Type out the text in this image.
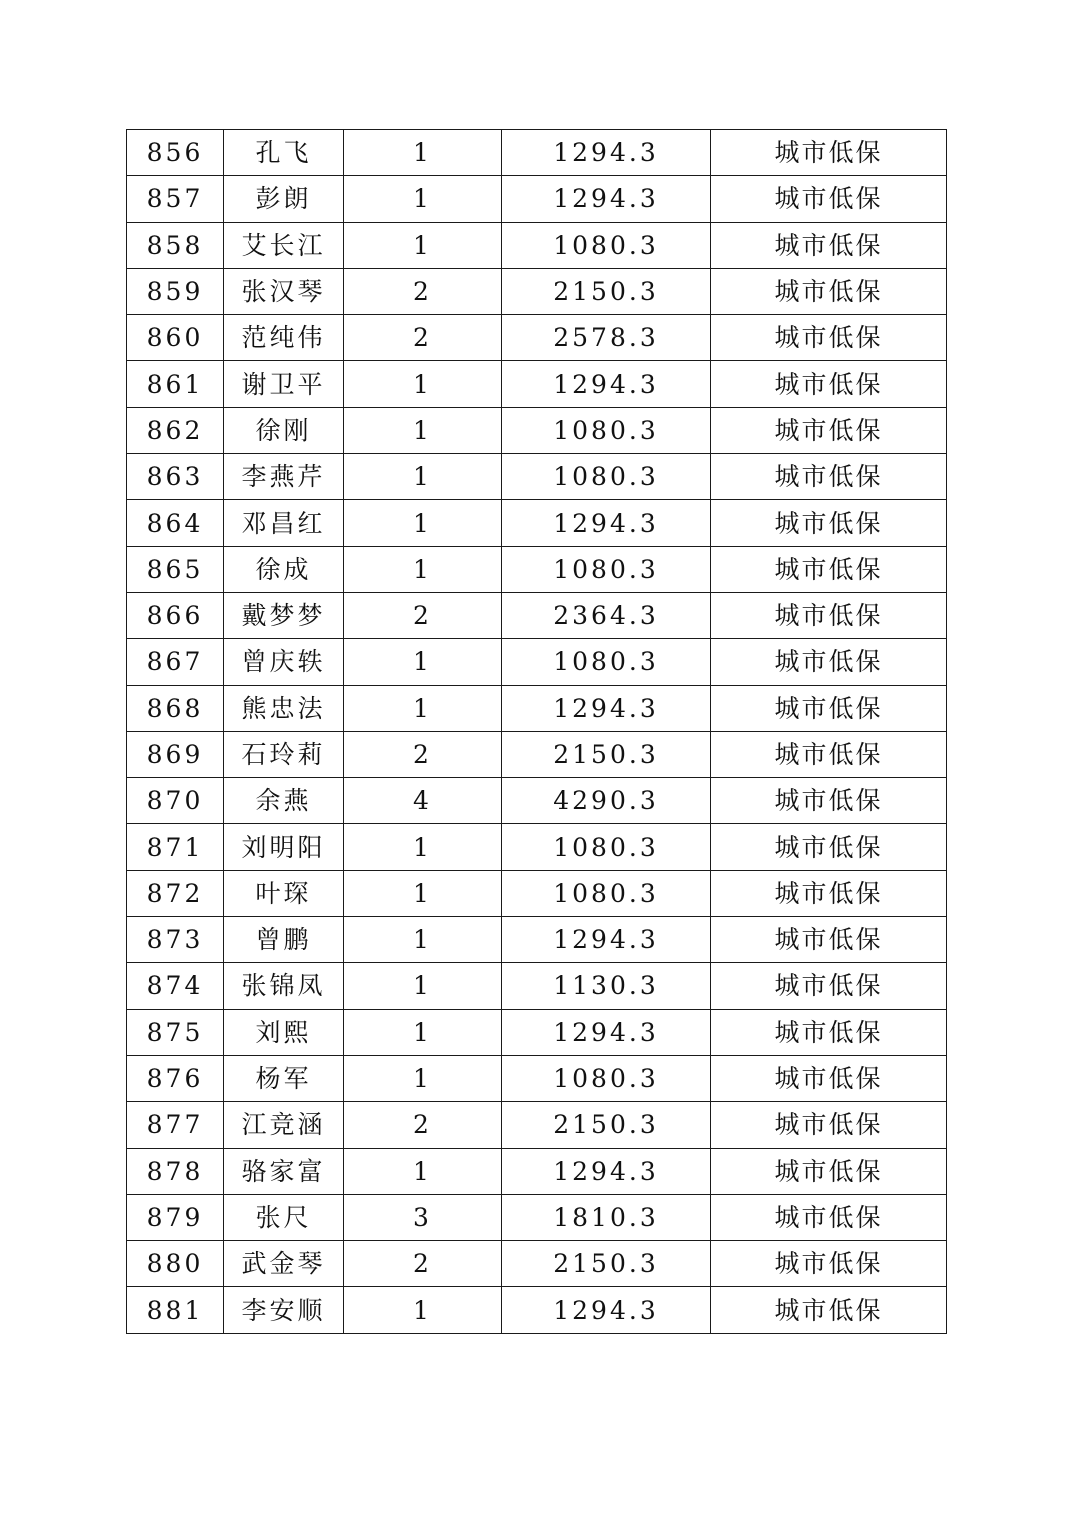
856	孔飞	1	1294.3	城市低保
857	彭朗	1	1294.3	城市低保
858	艾长江	1	1080.3	城市低保
859	张汉琴	2	2150.3	城市低保
860	范纯伟	2	2578.3	城市低保
861	谢卫平	1	1294.3	城市低保
862	徐刚	1	1080.3	城市低保
863	李燕芹	1	1080.3	城市低保
864	邓昌红	1	1294.3	城市低保
865	徐成	1	1080.3	城市低保
866	戴梦梦	2	2364.3	城市低保
867	曾庆轶	1	1080.3	城市低保
868	熊忠法	1	1294.3	城市低保
869	石玲莉	2	2150.3	城市低保
870	余燕	4	4290.3	城市低保
871	刘明阳	1	1080.3	城市低保
872	叶琛	1	1080.3	城市低保
873	曾鹏	1	1294.3	城市低保
874	张锦凤	1	1130.3	城市低保
875	刘熙	1	1294.3	城市低保
876	杨军	1	1080.3	城市低保
877	江竞涵	2	2150.3	城市低保
878	骆家富	1	1294.3	城市低保
879	张尺	3	1810.3	城市低保
880	武金琴	2	2150.3	城市低保
881	李安顺	1	1294.3	城市低保
